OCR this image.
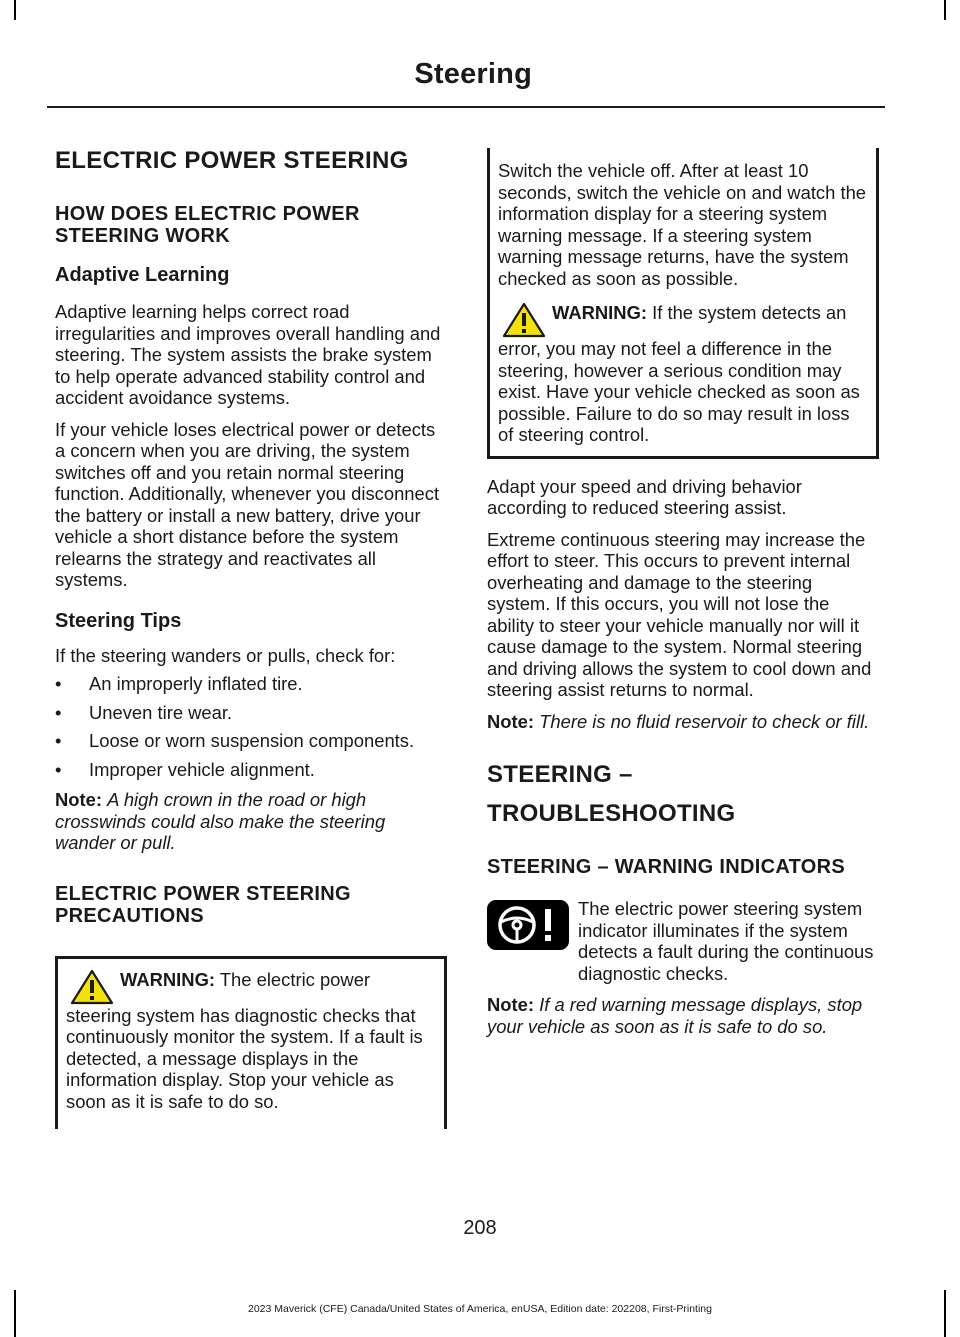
Steering
ELECTRIC POWER STEERING
HOW DOES ELECTRIC POWER STEERING WORK
Adaptive Learning

Adaptive learning helps correct road irregularities and improves overall handling and steering. The system assists the brake system to help operate advanced stability control and accident avoidance systems.

If your vehicle loses electrical power or detects a concern when you are driving, the system switches off and you retain normal steering function. Additionally, whenever you disconnect the battery or install a new battery, drive your vehicle a short distance before the system relearns the strategy and reactivates all systems.

Steering Tips

If the steering wanders or pulls, check for:

• An improperly inflated tire.
• Uneven tire wear.
• Loose or worn suspension components.
• Improper vehicle alignment.

Note: A high crown in the road or high crosswinds could also make the steering wander or pull.

ELECTRIC POWER STEERING PRECAUTIONS

WARNING: The electric power steering system has diagnostic checks that continuously monitor the system. If a fault is detected, a message displays in the information display. Stop your vehicle as soon as it is safe to do so.

Switch the vehicle off. After at least 10 seconds, switch the vehicle on and watch the information display for a steering system warning message. If a steering system warning message returns, have the system checked as soon as possible.

WARNING: If the system detects an error, you may not feel a difference in the steering, however a serious condition may exist. Have your vehicle checked as soon as possible. Failure to do so may result in loss of steering control.

Adapt your speed and driving behavior according to reduced steering assist.

Extreme continuous steering may increase the effort to steer. This occurs to prevent internal overheating and damage to the steering system. If this occurs, you will not lose the ability to steer your vehicle manually nor will it cause damage to the system. Normal steering and driving allows the system to cool down and steering assist returns to normal.

Note: There is no fluid reservoir to check or fill.

STEERING –
TROUBLESHOOTING
STEERING – WARNING INDICATORS

The electric power steering system indicator illuminates if the system detects a fault during the continuous diagnostic checks.

Note: If a red warning message displays, stop your vehicle as soon as it is safe to do so.

208
2023 Maverick (CFE) Canada/United States of America, enUSA, Edition date: 202208, First-Printing
